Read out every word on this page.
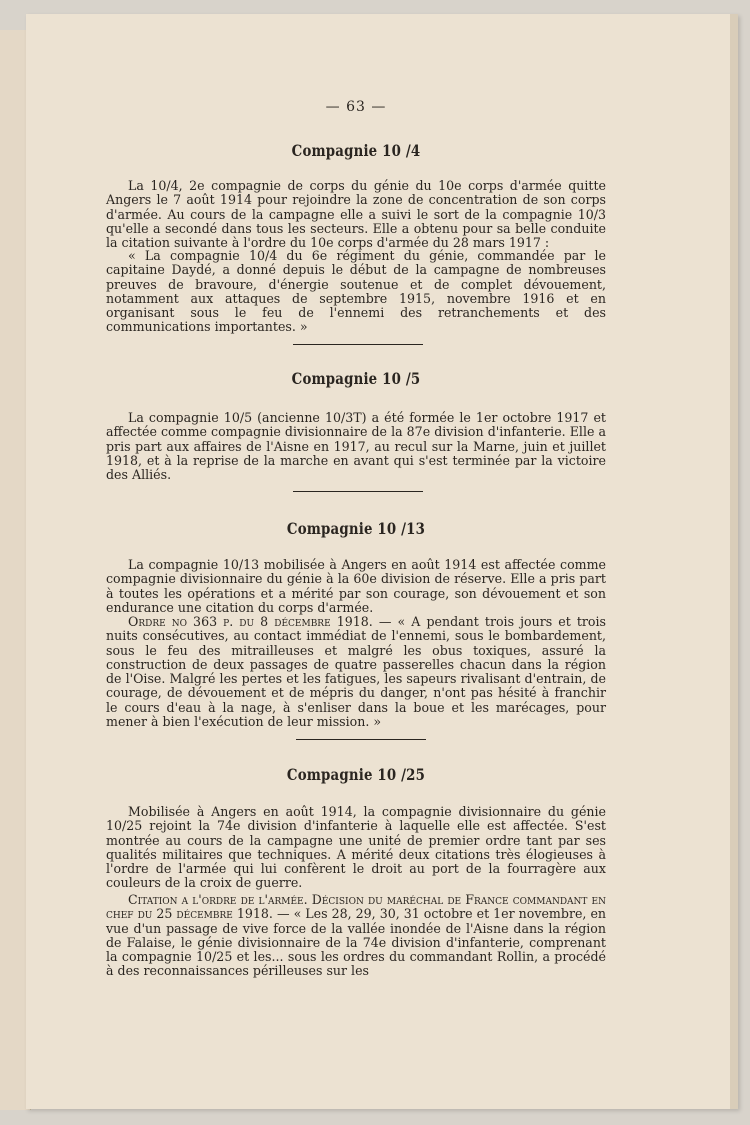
— 63 —
Compagnie 10 /4

La 10/4, 2e compagnie de corps du génie du 10e corps d'armée quitte Angers le 7 août 1914 pour rejoindre la zone de concentration de son corps d'armée. Au cours de la campagne elle a suivi le sort de la compagnie 10/3 qu'elle a secondé dans tous les secteurs. Elle a obtenu pour sa belle conduite la citation suivante à l'ordre du 10e corps d'armée du 28 mars 1917 :

« La compagnie 10/4 du 6e régiment du génie, commandée par le capitaine Daydé, a donné depuis le début de la campagne de nombreuses preuves de bravoure, d'énergie soutenue et de complet dévouement, notamment aux attaques de septembre 1915, novembre 1916 et en organisant sous le feu de l'ennemi des retranchements et des communications importantes. »

Compagnie 10 /5

La compagnie 10/5 (ancienne 10/3T) a été formée le 1er octobre 1917 et affectée comme compagnie divisionnaire de la 87e division d'infanterie. Elle a pris part aux affaires de l'Aisne en 1917, au recul sur la Marne, juin et juillet 1918, et à la reprise de la marche en avant qui s'est terminée par la victoire des Alliés.

Compagnie 10 /13

La compagnie 10/13 mobilisée à Angers en août 1914 est affectée comme compagnie divisionnaire du génie à la 60e division de réserve. Elle a pris part à toutes les opérations et a mérité par son courage, son dévouement et son endurance une citation du corps d'armée.

Ordre no 363 p. du 8 décembre 1918. — « A pendant trois jours et trois nuits consécutives, au contact immédiat de l'ennemi, sous le bombardement, sous le feu des mitrailleuses et malgré les obus toxiques, assuré la construction de deux passages de quatre passerelles chacun dans la région de l'Oise. Malgré les pertes et les fatigues, les sapeurs rivalisant d'entrain, de courage, de dévouement et de mépris du danger, n'ont pas hésité à franchir le cours d'eau à la nage, à s'enliser dans la boue et les marécages, pour mener à bien l'exécution de leur mission. »

Compagnie 10 /25

Mobilisée à Angers en août 1914, la compagnie divisionnaire du génie 10/25 rejoint la 74e division d'infanterie à laquelle elle est affectée. S'est montrée au cours de la campagne une unité de premier ordre tant par ses qualités militaires que techniques. A mérité deux citations très élogieuses à l'ordre de l'armée qui lui confèrent le droit au port de la fourragère aux couleurs de la croix de guerre.

Citation a l'ordre de l'armée. Décision du maréchal de France commandant en chef du 25 décembre 1918. — « Les 28, 29, 30, 31 octobre et 1er novembre, en vue d'un passage de vive force de la vallée inondée de l'Aisne dans la région de Falaise, le génie divisionnaire de la 74e division d'infanterie, comprenant la compagnie 10/25 et les... sous les ordres du commandant Rollin, a procédé à des reconnaissances périlleuses sur les
